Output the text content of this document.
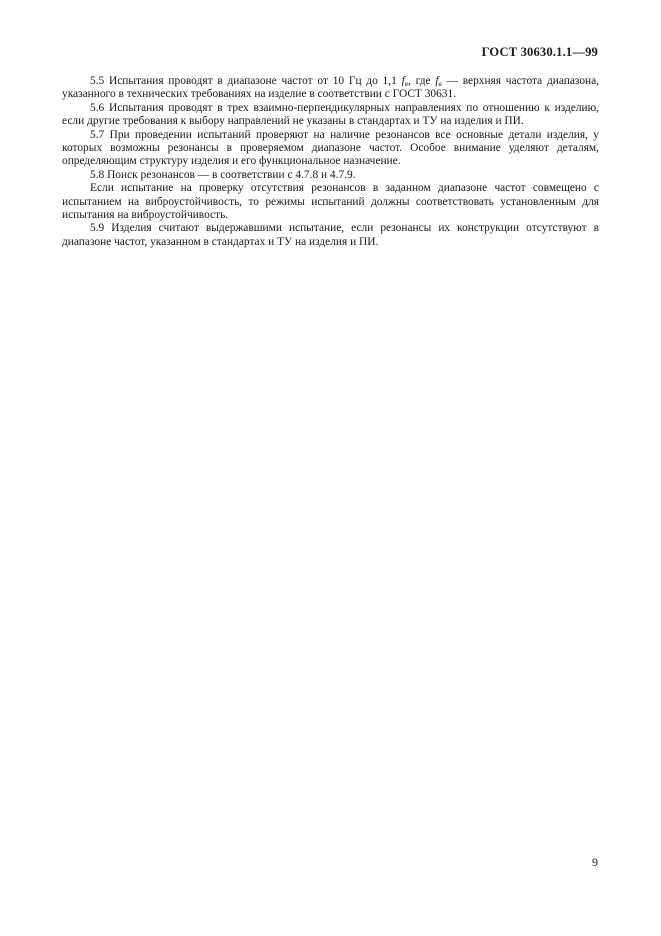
ГОСТ 30630.1.1—99

5.5 Испытания проводят в диапазоне частот от 10 Гц до 1,1 $f_в$, где $f_в$ — верхняя частота диапазона, указанного в технических требованиях на изделие в соответствии с ГОСТ 30631.

5.6 Испытания проводят в трех взаимно-перпендикулярных направлениях по отношению к изделию, если другие требования к выбору направлений не указаны в стандартах и ТУ на изделия и ПИ.

5.7 При проведении испытаний проверяют на наличие резонансов все основные детали изделия, у которых возможны резонансы в проверяемом диапазоне частот. Особое внимание уделяют деталям, определяющим структуру изделия и его функциональное назначение.

5.8 Поиск резонансов — в соответствии с 4.7.8 и 4.7.9.

Если испытание на проверку отсутствия резонансов в заданном диапазоне частот совмещено с испытанием на виброустойчивость, то режимы испытаний должны соответствовать установленным для испытания на виброустойчивость.

5.9 Изделия считают выдержавшими испытание, если резонансы их конструкции отсутствуют в диапазоне частот, указанном в стандартах и ТУ на изделия и ПИ.

9
